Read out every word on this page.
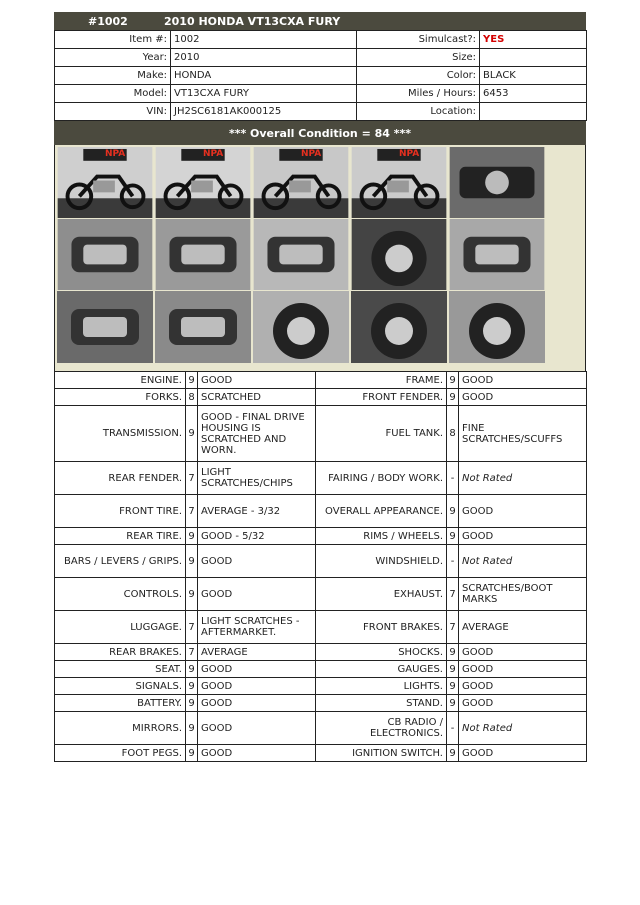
#1002	2010 HONDA VT13CXA FURY
Item #:	1002	Simulcast?:	YES
Year:	2010	Size:	
Make:	HONDA	Color:	BLACK
Model:	VT13CXA FURY	Miles / Hours:	6453
VIN:	JH2SC6181AK000125	Location:	
*** Overall Condition = 84 ***
NPA	NPA	NPA	NPA
ENGINE.	9	GOOD	FRAME.	9	GOOD
FORKS.	8	SCRATCHED	FRONT FENDER.	9	GOOD
TRANSMISSION.	9	GOOD - FINAL DRIVE HOUSING IS SCRATCHED AND WORN.	FUEL TANK.	8	FINE SCRATCHES/SCUFFS
REAR FENDER.	7	LIGHT SCRATCHES/CHIPS	FAIRING / BODY WORK.	-	Not Rated
FRONT TIRE.	7	AVERAGE - 3/32	OVERALL APPEARANCE.	9	GOOD
REAR TIRE.	9	GOOD - 5/32	RIMS / WHEELS.	9	GOOD
BARS / LEVERS / GRIPS.	9	GOOD	WINDSHIELD.	-	Not Rated
CONTROLS.	9	GOOD	EXHAUST.	7	SCRATCHES/BOOT MARKS
LUGGAGE.	7	LIGHT SCRATCHES - AFTERMARKET.	FRONT BRAKES.	7	AVERAGE
REAR BRAKES.	7	AVERAGE	SHOCKS.	9	GOOD
SEAT.	9	GOOD	GAUGES.	9	GOOD
SIGNALS.	9	GOOD	LIGHTS.	9	GOOD
BATTERY.	9	GOOD	STAND.	9	GOOD
MIRRORS.	9	GOOD	CB RADIO / ELECTRONICS.	-	Not Rated
FOOT PEGS.	9	GOOD	IGNITION SWITCH.	9	GOOD
